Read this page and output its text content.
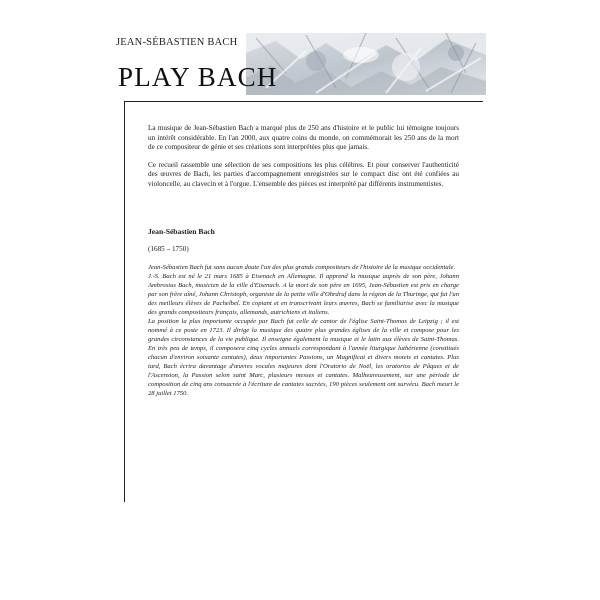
JEAN-SÉBASTIEN BACH
PLAY BACH

La musique de Jean-Sébastien Bach a marqué plus de 250 ans d'histoire et le public lui témoigne toujours un intérêt considérable. En l'an 2000, aux quatre coins du monde, on commémorait les 250 ans de la mort de ce compositeur de génie et ses créations sont interprétées plus que jamais.

Ce recueil rassemble une sélection de ses compositions les plus célèbres. Et pour conserver l'authenticité des œuvres de Bach, les parties d'accompagnement enregistrées sur le compact disc ont été confiées au violoncelle, au clavecin et à l'orgue. L'ensemble des pièces est interprété par différents instrumentistes.

Jean-Sébastien Bach
(1685 – 1750)

Jean-Sébastien Bach fut sans aucun doute l'un des plus grands compositeurs de l'histoire de la musique occidentale.

J.-S. Bach est né le 21 mars 1685 à Eisenach en Allemagne. Il apprend la musique auprès de son père, Johann Ambrosius Bach, musicien de la ville d'Eisenach. A la mort de son père en 1695, Jean-Sébastien est pris en charge par son frère aîné, Johann Christoph, organiste de la petite ville d'Ohrdruf dans la région de la Thuringe, qui fut l'un des meilleurs élèves de Pachelbel. En copiant et en transcrivant leurs œuvres, Bach se familiarise avec la musique des grands compositeurs français, allemands, autrichiens et italiens.

La position la plus importante occupée par Bach fut celle de cantor de l'église Saint-Thomas de Leipzig ; il est nommé à ce poste en 1723. Il dirige la musique des quatre plus grandes églises de la ville et compose pour les grandes circonstances de la vie publique. Il enseigne également la musique et le latin aux élèves de Saint-Thomas. En très peu de temps, il composera cinq cycles annuels correspondant à l'année liturgique luthérienne (constitués chacun d'environ soixante cantates), deux importantes Passions, un Magnificat et divers motets et cantates. Plus tard, Bach écrira davantage d'œuvres vocales majeures dont l'Oratorio de Noël, les oratorios de Pâques et de l'Ascension, la Passion selon saint Marc, plusieurs messes et cantates. Malheureusement, sur une période de composition de cinq ans consacrée à l'écriture de cantates sacrées, 190 pièces seulement ont survécu. Bach meurt le 28 juillet 1750.
